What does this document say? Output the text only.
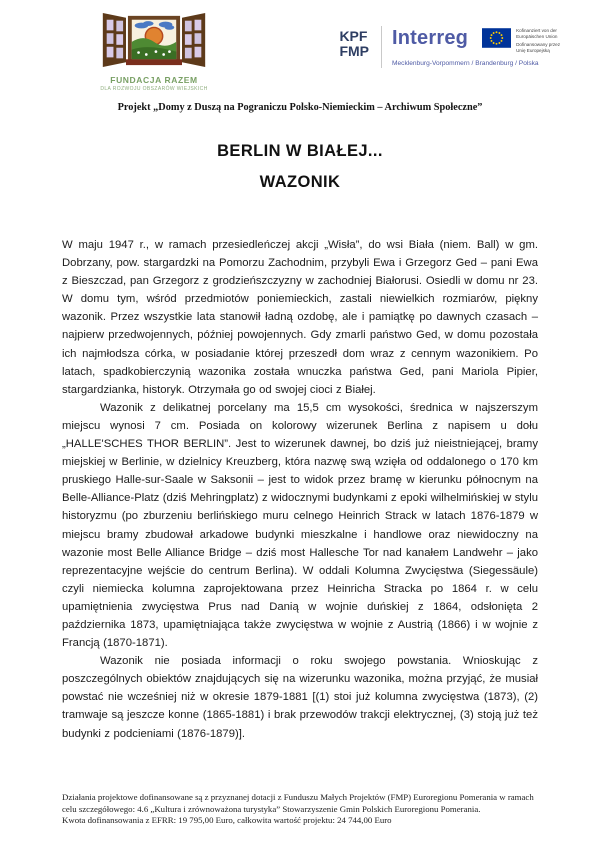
FUNDACJA RAZEM
DLA ROZWOJU OBSZARÓW WIEJSKICH
KPF
FMP
Interreg	Kofinanziert von der
Europäischen Union
Dofinansowany przez
Unię Europejską
Mecklenburg-Vorpommern / Brandenburg / Polska
Projekt „Domy z Duszą na Pograniczu Polsko-Niemieckim – Archiwum Społeczne”
BERLIN W BIAŁEJ...
WAZONIK

W maju 1947 r., w ramach przesiedleńczej akcji „Wisła”, do wsi Biała (niem. Ball) w gm. Dobrzany, pow. stargardzki na Pomorzu Zachodnim, przybyli Ewa i Grzegorz Ged – pani Ewa z Bieszczad, pan Grzegorz z grodzieńszczyzny w zachodniej Białorusi. Osiedli w domu nr 23. W domu tym, wśród przedmiotów poniemieckich, zastali niewielkich rozmiarów, piękny wazonik. Przez wszystkie lata stanowił ładną ozdobę, ale i pamiątkę po dawnych czasach – najpierw przedwojennych, później powojennych. Gdy zmarli państwo Ged, w domu pozostała ich najmłodsza córka, w posiadanie której przeszedł dom wraz z cennym wazonikiem. Po latach, spadkobierczynią wazonika została wnuczka państwa Ged, pani Mariola Pipier, stargardzianka, historyk. Otrzymała go od swojej cioci z Białej.

Wazonik z delikatnej porcelany ma 15,5 cm wysokości, średnica w najszerszym miejscu wynosi 7 cm. Posiada on kolorowy wizerunek Berlina z napisem u dołu „HALLE'SCHES THOR BERLIN”. Jest to wizerunek dawnej, bo dziś już nieistniejącej, bramy miejskiej w Berlinie, w dzielnicy Kreuzberg, która nazwę swą wzięła od oddalonego o 170 km pruskiego Halle-sur-Saale w Saksonii – jest to widok przez bramę w kierunku północnym na Belle-Alliance-Platz (dziś Mehringplatz) z widocznymi budynkami z epoki wilhelmińskiej w stylu historyzmu (po zburzeniu berlińskiego muru celnego Heinrich Strack w latach 1876-1879 w miejscu bramy zbudował arkadowe budynki mieszkalne i handlowe oraz niewidoczny na wazonie most Belle Alliance Bridge – dziś most Hallesche Tor nad kanałem Landwehr – jako reprezentacyjne wejście do centrum Berlina). W oddali Kolumna Zwycięstwa (Siegessäule) czyli niemiecka kolumna zaprojektowana przez Heinricha Stracka po 1864 r. w celu upamiętnienia zwycięstwa Prus nad Danią w wojnie duńskiej z 1864, odsłonięta 2 października 1873, upamiętniająca także zwycięstwa w wojnie z Austrią (1866) i w wojnie z Francją (1870-1871).

Wazonik nie posiada informacji o roku swojego powstania. Wnioskując z poszczególnych obiektów znajdujących się na wizerunku wazonika, można przyjąć, że musiał powstać nie wcześniej niż w okresie 1879-1881 [(1) stoi już kolumna zwycięstwa (1873), (2) tramwaje są jeszcze konne (1865-1881) i brak przewodów trakcji elektrycznej, (3) stoją już też budynki z podcieniami (1876-1879)].

Działania projektowe dofinansowane są z przyznanej dotacji z Funduszu Małych Projektów (FMP) Euroregionu Pomerania w ramach celu szczegółowego: 4.6 „Kultura i zrównoważona turystyka” Stowarzyszenie Gmin Polskich Euroregionu Pomerania.

Kwota dofinansowania z EFRR: 19 795,00 Euro, całkowita wartość projektu: 24 744,00 Euro
